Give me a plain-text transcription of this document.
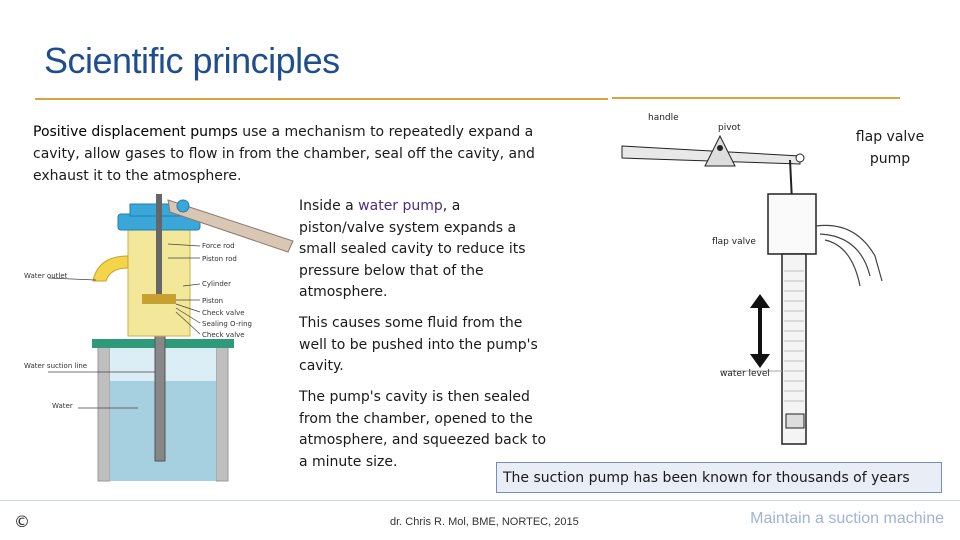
Scientific principles

Positive displacement pumps use a mechanism to repeatedly expand a cavity, allow gases to flow in from the chamber, seal off the cavity, and exhaust it to the atmosphere.

Force rod
Piston rod
Water outlet
Cylinder
Piston
Check valve
Sealing O-ring
Check valve
Water suction line
Water

Inside a water pump, a piston/valve system expands a small sealed cavity to reduce its pressure below that of the atmosphere.

This causes some fluid from the well to be pushed into the pump's cavity.

The pump's cavity is then sealed from the chamber, opened to the atmosphere, and squeezed back to a minute size.

handle
pivot
flap valve
water level

flap valve pump

The suction pump has been known for thousands of years
©	dr. Chris R. Mol, BME, NORTEC, 2015	Maintain a suction machine
